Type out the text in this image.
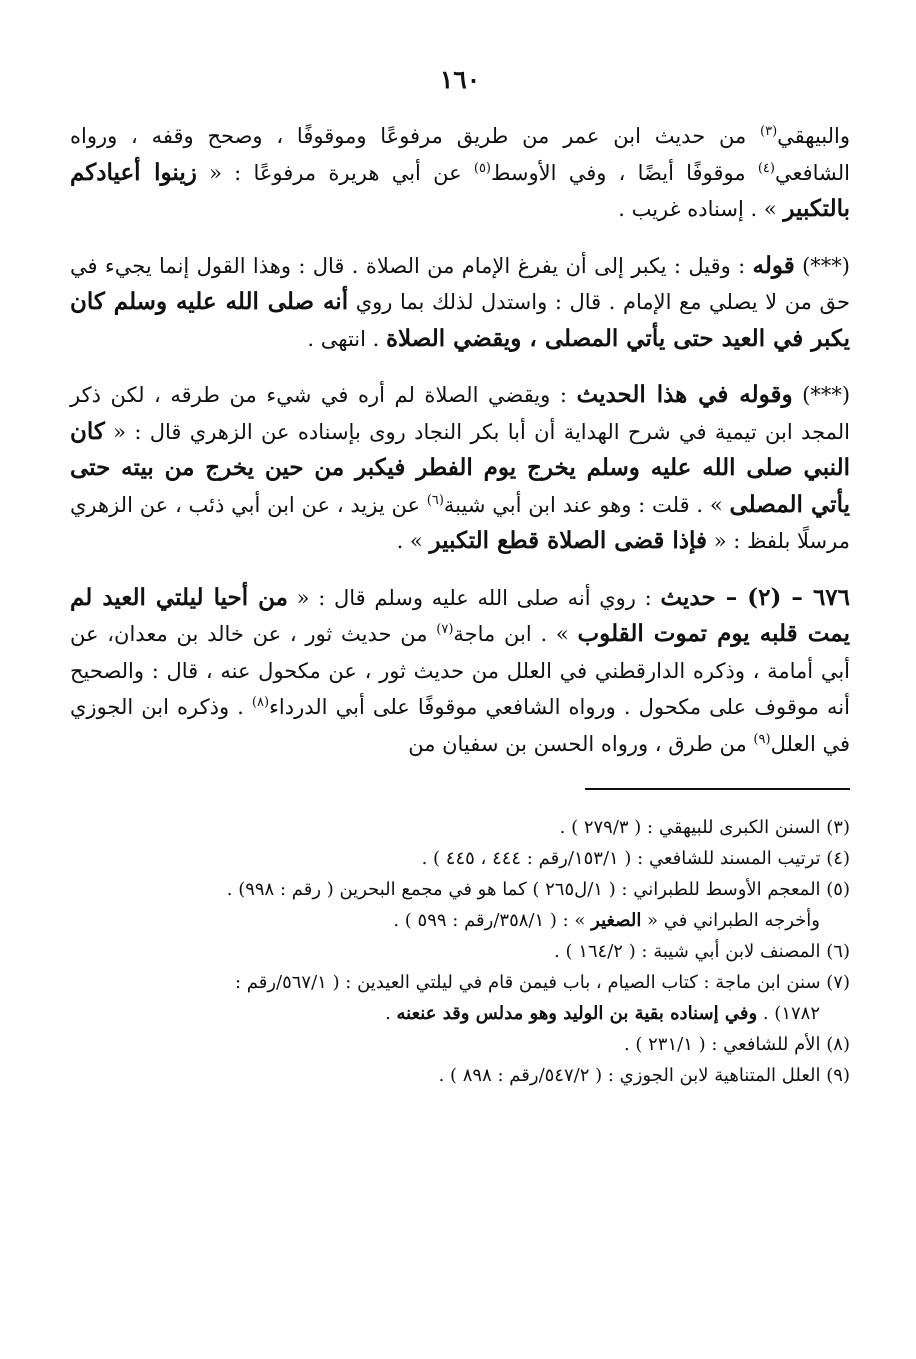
١٦٠

والبيهقي$^{(٣)}$ من حديث ابن عمر من طريق مرفوعًا وموقوفًا ، وصحح وقفه ، ورواه الشافعي$^{(٤)}$ موقوفًا أيضًا ، وفي الأوسط$^{(٥)}$ عن أبي هريرة مرفوعًا : « زينوا أعيادكم بالتكبير » . إسناده غريب .

(***) قوله : وقيل : يكبر إلى أن يفرغ الإمام من الصلاة . قال : وهذا القول إنما يجيء في حق من لا يصلي مع الإمام . قال : واستدل لذلك بما روي أنه صلى الله عليه وسلم كان يكبر في العيد حتى يأتي المصلى ، ويقضي الصلاة . انتهى .

(***) وقوله في هذا الحديث : ويقضي الصلاة لم أره في شيء من طرقه ، لكن ذكر المجد ابن تيمية في شرح الهداية أن أبا بكر النجاد روى بإسناده عن الزهري قال : « كان النبي صلى الله عليه وسلم يخرج يوم الفطر فيكبر من حين يخرج من بيته حتى يأتي المصلى » . قلت : وهو عند ابن أبي شيبة$^{(٦)}$ عن يزيد ، عن ابن أبي ذئب ، عن الزهري مرسلًا بلفظ : « فإذا قضى الصلاة قطع التكبير » .

٦٧٦ – (٢) – حديث : روي أنه صلى الله عليه وسلم قال : « من أحيا ليلتي العيد لم يمت قلبه يوم تموت القلوب » . ابن ماجة$^{(٧)}$ من حديث ثور ، عن خالد بن معدان، عن أبي أمامة ، وذكره الدارقطني في العلل من حديث ثور ، عن مكحول عنه ، قال : والصحيح أنه موقوف على مكحول . ورواه الشافعي موقوفًا على أبي الدرداء$^{(٨)}$ . وذكره ابن الجوزي في العلل$^{(٩)}$ من طرق ، ورواه الحسن بن سفيان من

(٣) السنن الكبرى للبيهقي : ( ٢٧٩/٣ ) .
(٤) ترتيب المسند للشافعي : ( ١٥٣/١/رقم : ٤٤٤ ، ٤٤٥ ) .
(٥) المعجم الأوسط للطبراني : ( ١/ل٢٦٥ ) كما هو في مجمع البحرين ( رقم : ٩٩٨) .
وأخرجه الطبراني في « الصغير » : ( ٣٥٨/١/رقم : ٥٩٩ ) .
(٦) المصنف لابن أبي شيبة : ( ١٦٤/٢ ) .
(٧) سنن ابن ماجة : كتاب الصيام ، باب فيمن قام في ليلتي العيدين : ( ٥٦٧/١/رقم :
١٧٨٢) . وفي إسناده بقية بن الوليد وهو مدلس وقد عنعنه .
(٨) الأم للشافعي : ( ٢٣١/١ ) .
(٩) العلل المتناهية لابن الجوزي : ( ٥٤٧/٢/رقم : ٨٩٨ ) .
